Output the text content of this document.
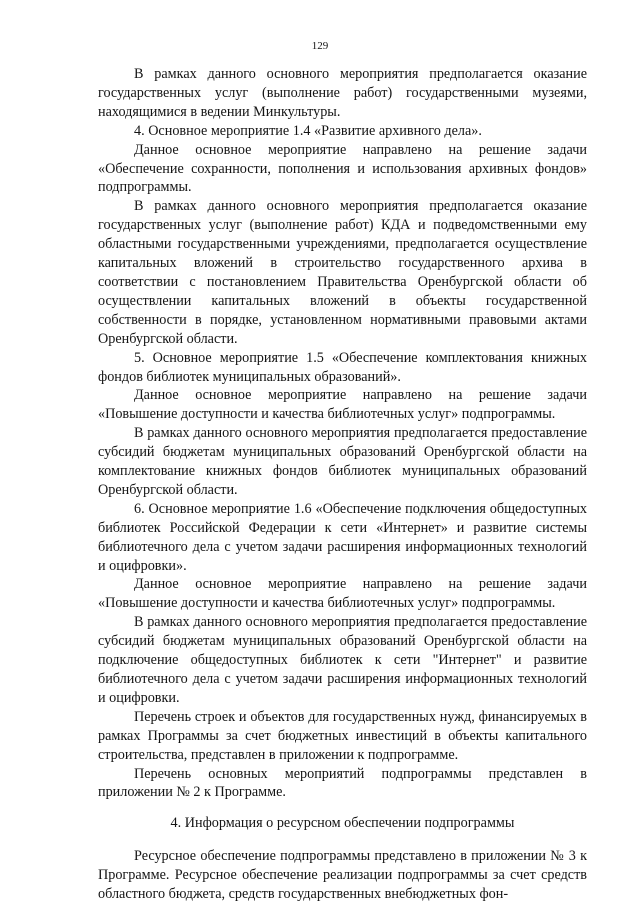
129

В рамках данного основного мероприятия предполагается оказание государственных услуг (выполнение работ) государственными музеями, находящимися в ведении Минкультуры.

4. Основное мероприятие 1.4 «Развитие архивного дела».

Данное основное мероприятие направлено на решение задачи «Обеспечение сохранности, пополнения и использования архивных фондов» подпрограммы.

В рамках данного основного мероприятия предполагается оказание государственных услуг (выполнение работ) КДА и подведомственными ему областными государственными учреждениями, предполагается осуществление капитальных вложений в строительство государственного архива в соответствии с постановлением Правительства Оренбургской области об осуществлении капитальных вложений в объекты государственной собственности в порядке, установленном нормативными правовыми актами Оренбургской области.

5. Основное мероприятие 1.5 «Обеспечение комплектования книжных фондов библиотек муниципальных образований».

Данное основное мероприятие направлено на решение задачи «Повышение доступности и качества библиотечных услуг» подпрограммы.

В рамках данного основного мероприятия предполагается предоставление субсидий бюджетам муниципальных образований Оренбургской области на комплектование книжных фондов библиотек муниципальных образований Оренбургской области.

6. Основное мероприятие 1.6 «Обеспечение подключения общедоступных библиотек Российской Федерации к сети «Интернет» и развитие системы библиотечного дела с учетом задачи расширения информационных технологий и оцифровки».

Данное основное мероприятие направлено на решение задачи «Повышение доступности и качества библиотечных услуг» подпрограммы.

В рамках данного основного мероприятия предполагается предоставление субсидий бюджетам муниципальных образований Оренбургской области на подключение общедоступных библиотек к сети "Интернет" и развитие библиотечного дела с учетом задачи расширения информационных технологий и оцифровки.

Перечень строек и объектов для государственных нужд, финансируемых в рамках Программы за счет бюджетных инвестиций в объекты капитального строительства, представлен в приложении к подпрограмме.

Перечень основных мероприятий подпрограммы представлен в приложении № 2 к Программе.

4. Информация о ресурсном обеспечении подпрограммы

Ресурсное обеспечение подпрограммы представлено в приложении № 3 к Программе. Ресурсное обеспечение реализации подпрограммы за счет средств областного бюджета, средств государственных внебюджетных фон-
